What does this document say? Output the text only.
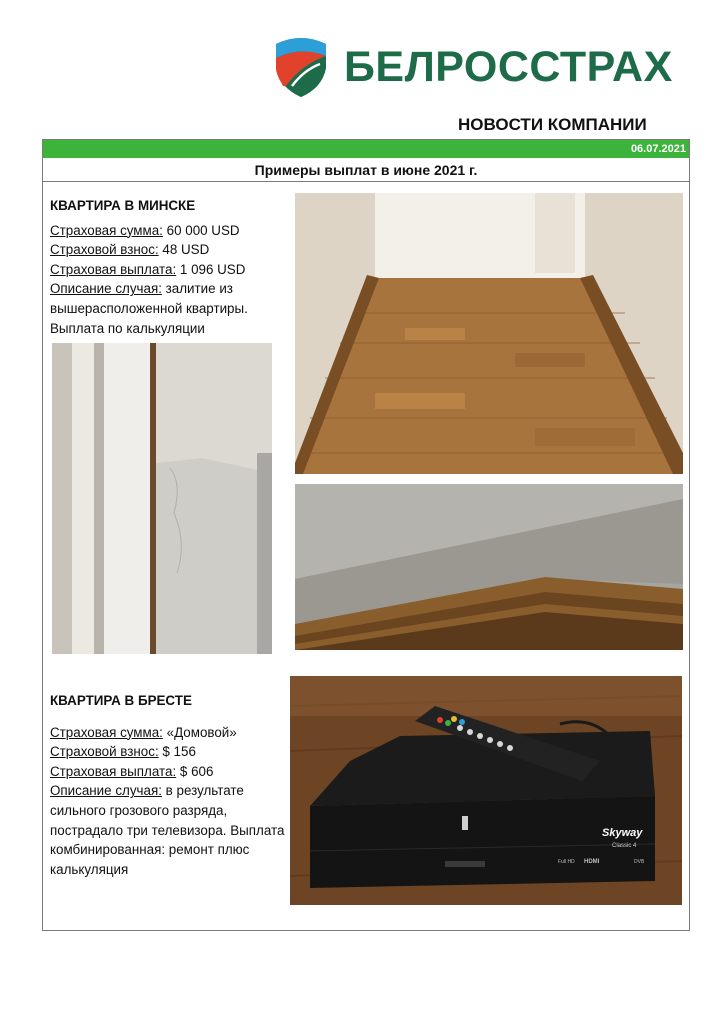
БЕЛРОССТРАХ
НОВОСТИ КОМПАНИИ
06.07.2021
Примеры выплат в июне 2021 г.
КВАРТИРА В МИНСКЕ

Страховая сумма: 60 000 USD

Страховой взнос: 48 USD

Страховая выплата: 1 096 USD

Описание случая: залитие из вышерасположенной квартиры. Выплата по калькуляции

КВАРТИРА В БРЕСТЕ

Страховая сумма: «Домовой»

Страховой взнос: $ 156

Страховая выплата: $ 606

Описание случая: в результате сильного грозового разряда, пострадало три телевизора. Выплата комбинированная: ремонт плюс калькуляция

Skyway
Classic 4
Full HD HDMI	DVB
